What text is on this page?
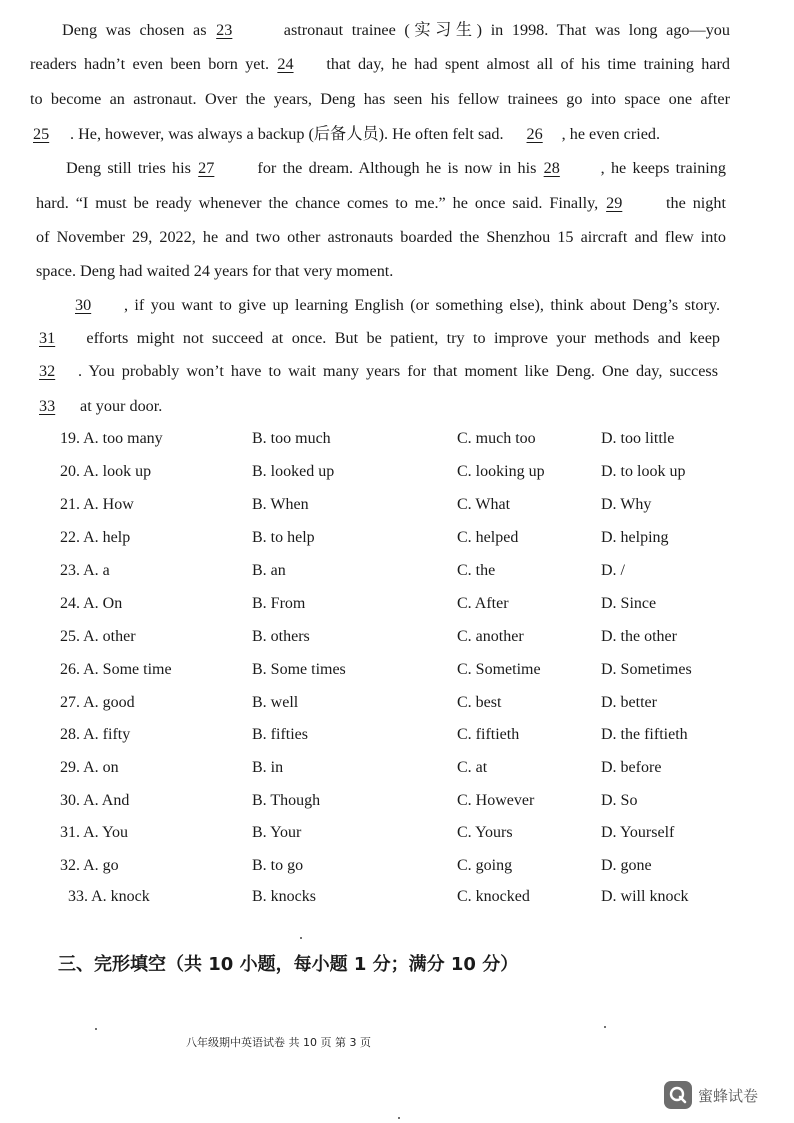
Deng was chosen as 23	astronaut trainee (实习生) in 1998. That was long ago—you
readers hadn’t even been born yet. 24 that day, he had spent almost all of his time training hard
to become an astronaut. Over the years, Deng has seen his fellow trainees go into space one after
25 . He, however, was always a backup (后备人员). He often felt sad. 26 , he even cried.
Deng still tries his 27 for the dream. Although he is now in his 28	, he keeps training
hard. “I must be ready whenever the chance comes to me.” he once said. Finally, 29 the night
of November 29, 2022, he and two other astronauts boarded the Shenzhou 15 aircraft and flew into
space. Deng had waited 24 years for that very moment.
30 , if you want to give up learning English (or something else), think about Deng’s story.
31 efforts might not succeed at once. But be patient, try to improve your methods and keep
32 . You probably won’t have to wait many years for that moment like Deng. One day, success
33 at your door.
19. A. too many	B. too much	C. much too	D. too little
20. A. look up	B. looked up	C. looking up	D. to look up
21. A. How	B. When	C. What	D. Why
22. A. help	B. to help	C. helped	D. helping
23. A. a	B. an	C. the	D. /
24. A. On	B. From	C. After	D. Since
25. A. other	B. others	C. another	D. the other
26. A. Some time	B. Some times	C. Sometime	D. Sometimes
27. A. good	B. well	C. best	D. better
28. A. fifty	B. fifties	C. fiftieth	D. the fiftieth
29. A. on	B. in	C. at	D. before
30. A. And	B. Though	C. However	D. So
31. A. You	B. Your	C. Yours	D. Yourself
32. A. go	B. to go	C. going	D. gone
33. A. knock	B. knocks	C. knocked	D. will knock
三、完形填空（共 10 小题，每小题 1 分；满分 10 分）
八年级期中英语试卷 共 10 页 第 3 页
蜜蜂试卷
